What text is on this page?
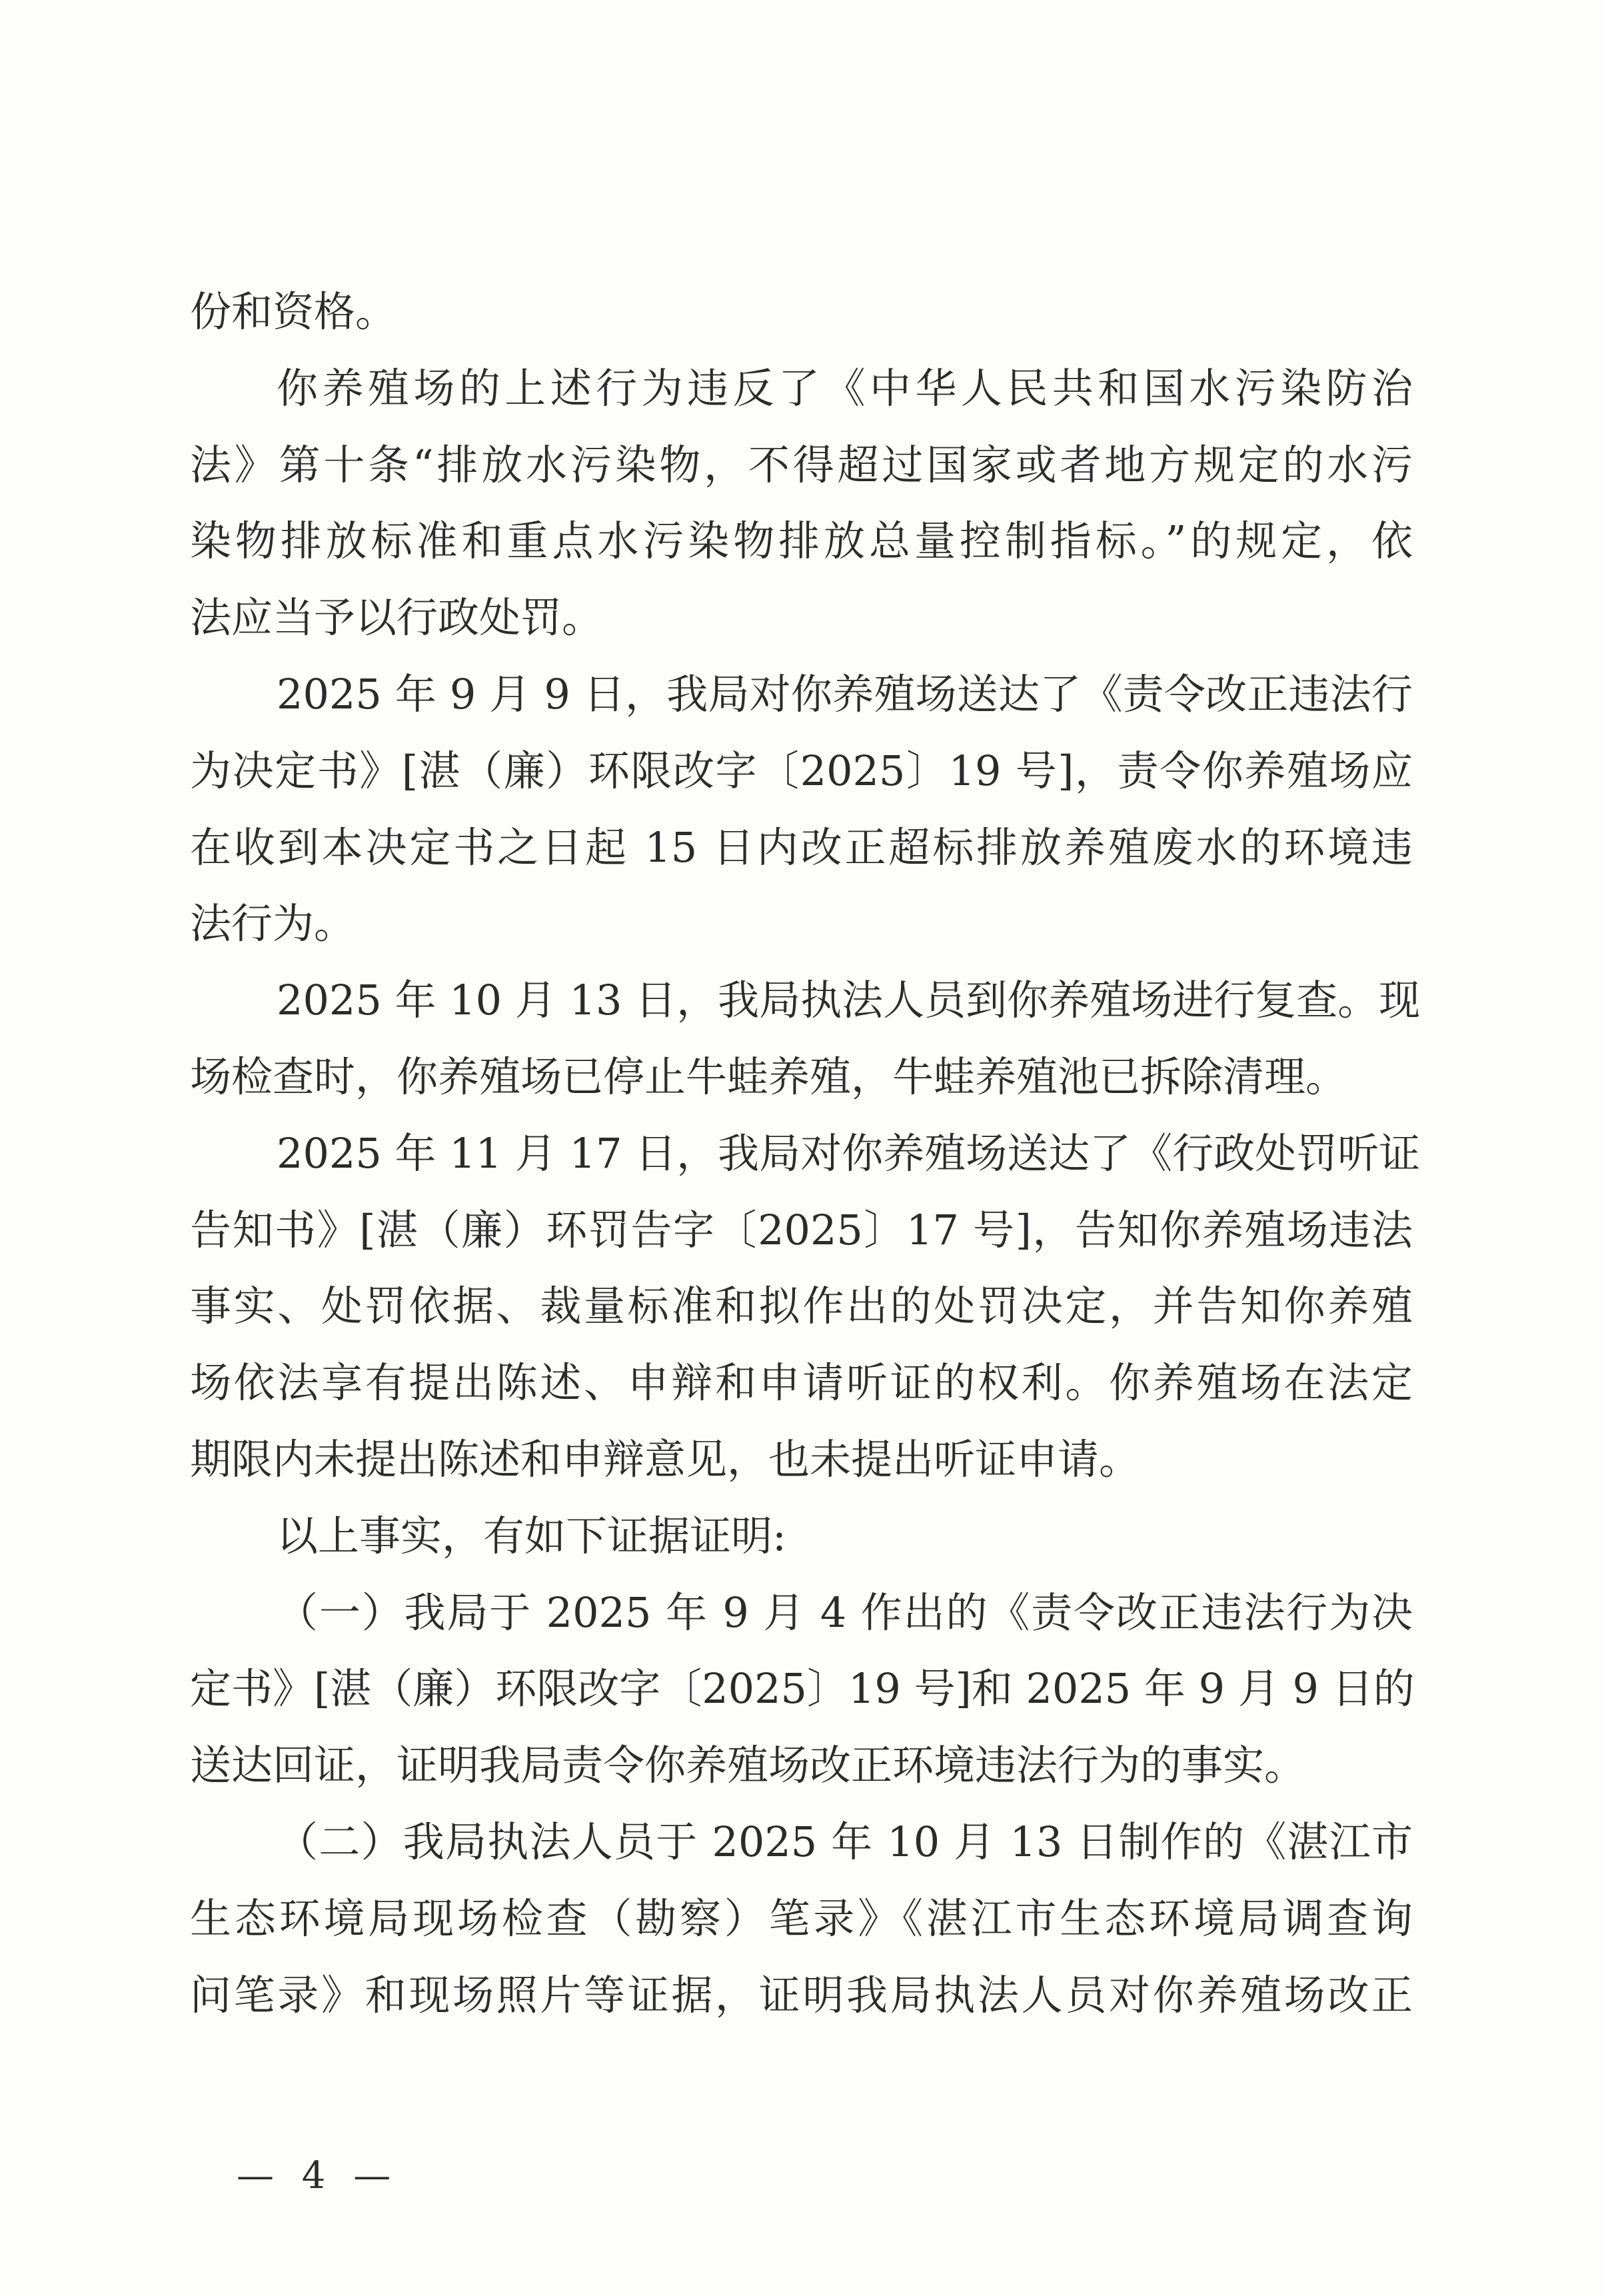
份和资格。
你养殖场的上述行为违反了《中华人民共和国水污染防治
法》第十条“排放水污染物，不得超过国家或者地方规定的水污
染物排放标准和重点水污染物排放总量控制指标。”的规定，依
法应当予以行政处罚。
2025 年 9 月 9 日，我局对你养殖场送达了《责令改正违法行
为决定书》[湛（廉）环限改字〔2025〕19 号]，责令你养殖场应
在收到本决定书之日起 15 日内改正超标排放养殖废水的环境违
法行为。
2025 年 10 月 13 日，我局执法人员到你养殖场进行复查。现
场检查时，你养殖场已停止牛蛙养殖，牛蛙养殖池已拆除清理。
2025 年 11 月 17 日，我局对你养殖场送达了《行政处罚听证
告知书》[湛（廉）环罚告字〔2025〕17 号]，告知你养殖场违法
事实、处罚依据、裁量标准和拟作出的处罚决定，并告知你养殖
场依法享有提出陈述、申辩和申请听证的权利。你养殖场在法定
期限内未提出陈述和申辩意见，也未提出听证申请。
以上事实，有如下证据证明:
（一）我局于 2025 年 9 月 4 作出的《责令改正违法行为决
定书》[湛（廉）环限改字〔2025〕19 号]和 2025 年 9 月 9 日的
送达回证，证明我局责令你养殖场改正环境违法行为的事实。
（二）我局执法人员于 2025 年 10 月 13 日制作的《湛江市
生态环境局现场检查（勘察）笔录》《湛江市生态环境局调查询
问笔录》和现场照片等证据，证明我局执法人员对你养殖场改正
— 4 —
